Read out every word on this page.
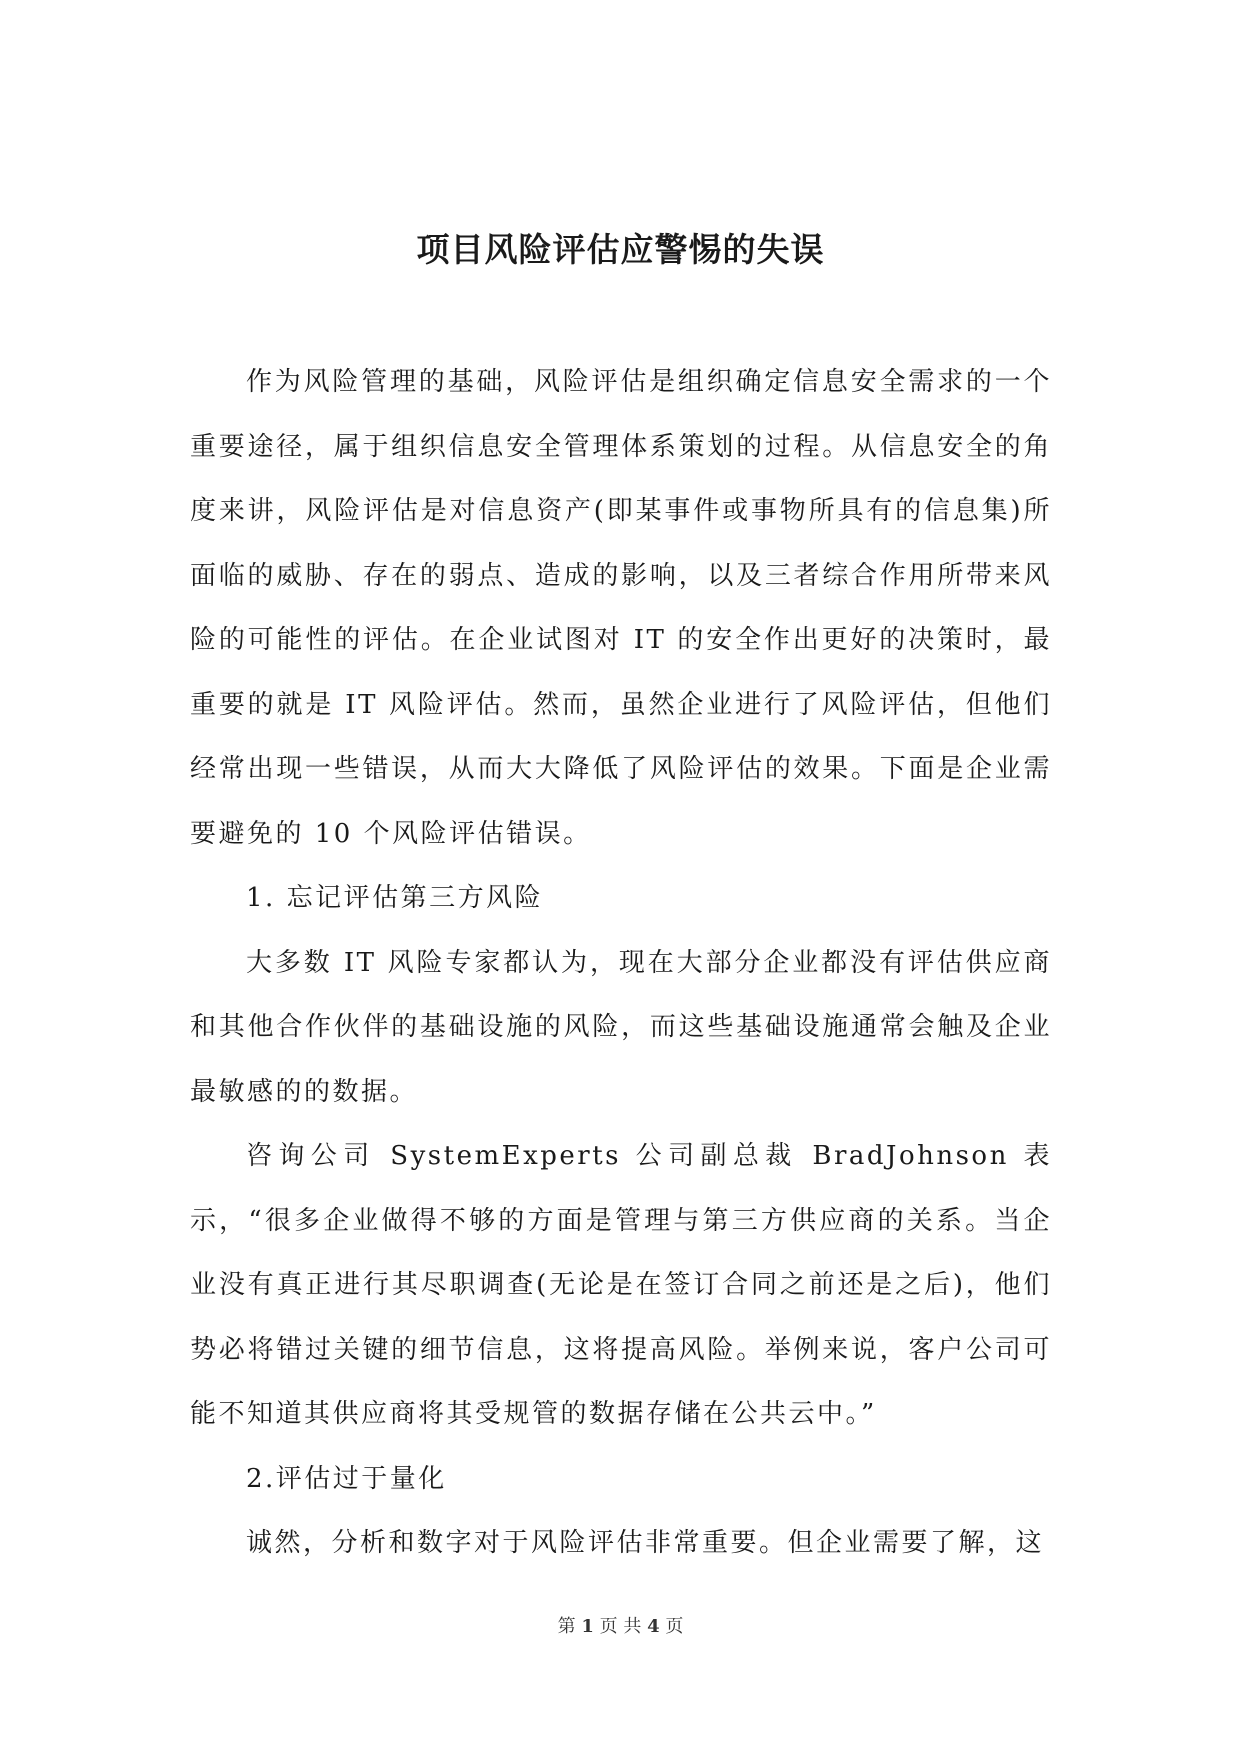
项目风险评估应警惕的失误

作为风险管理的基础，风险评估是组织确定信息安全需求的一个重要途径，属于组织信息安全管理体系策划的过程。从信息安全的角度来讲，风险评估是对信息资产(即某事件或事物所具有的信息集)所面临的威胁、存在的弱点、造成的影响，以及三者综合作用所带来风险的可能性的评估。在企业试图对 IT 的安全作出更好的决策时，最重要的就是 IT 风险评估。然而，虽然企业进行了风险评估，但他们经常出现一些错误，从而大大降低了风险评估的效果。下面是企业需要避免的 10 个风险评估错误。

1. 忘记评估第三方风险

大多数 IT 风险专家都认为，现在大部分企业都没有评估供应商和其他合作伙伴的基础设施的风险，而这些基础设施通常会触及企业最敏感的的数据。

咨询公司 SystemExperts 公司副总裁 BradJohnson 表示，“很多企业做得不够的方面是管理与第三方供应商的关系。当企业没有真正进行其尽职调查(无论是在签订合同之前还是之后)，他们势必将错过关键的细节信息，这将提高风险。举例来说，客户公司可能不知道其供应商将其受规管的数据存储在公共云中。”

2.评估过于量化

诚然，分析和数字对于风险评估非常重要。但企业需要了解，这

第 1 页 共 4 页
